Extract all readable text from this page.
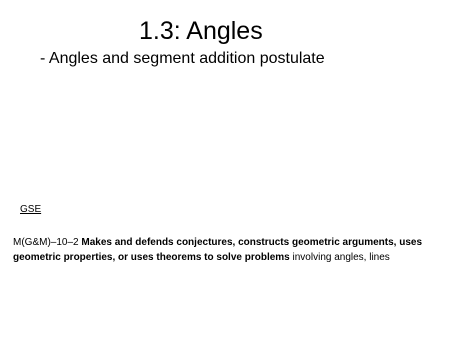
1.3: Angles
- Angles and segment addition postulate
GSE
M(G&M)–10–2 Makes and defends conjectures, constructs geometric arguments, uses geometric properties, or uses theorems to solve problems involving angles, lines
